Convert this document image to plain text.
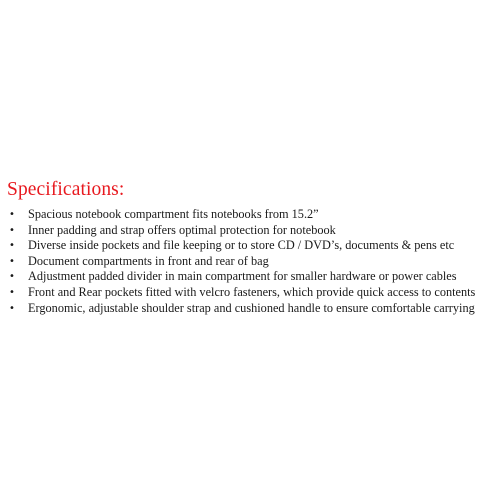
Specifications:
• Spacious notebook compartment fits notebooks from 15.2”
• Inner padding and strap offers optimal protection for notebook
• Diverse inside pockets and file keeping or to store CD / DVD’s, documents & pens etc
• Document compartments in front and rear of bag
• Adjustment padded divider in main compartment for smaller hardware or power cables
• Front and Rear pockets fitted with velcro fasteners, which provide quick access to contents
• Ergonomic, adjustable shoulder strap and cushioned handle to ensure comfortable carrying
